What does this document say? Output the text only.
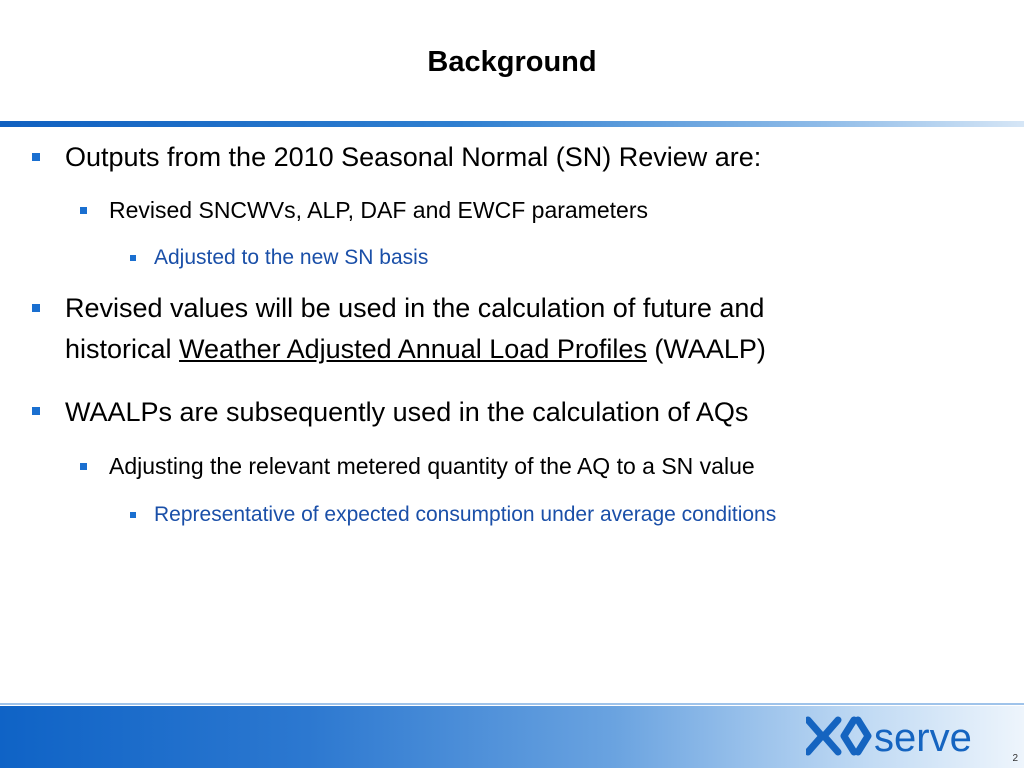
Background
Outputs from the 2010 Seasonal Normal (SN) Review are:
Revised SNCWVs, ALP, DAF and EWCF parameters
Adjusted to the new SN basis
Revised values will be used in the calculation of future and
historical Weather Adjusted Annual Load Profiles (WAALP)
WAALPs are subsequently used in the calculation of AQs
Adjusting the relevant metered quantity of the AQ to a SN value
Representative of expected consumption under average conditions
serve	2
